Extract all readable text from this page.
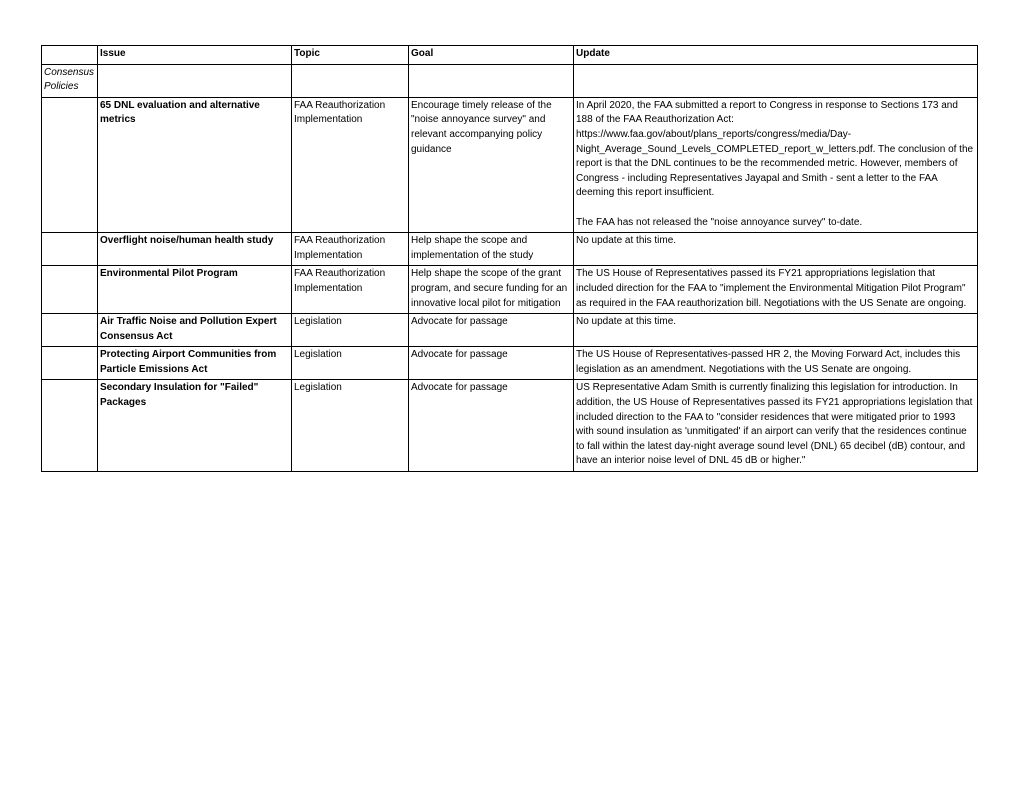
	Issue	Topic	Goal	Update
Consensus Policies				
	65 DNL evaluation and alternative metrics	FAA Reauthorization Implementation	Encourage timely release of the "noise annoyance survey" and relevant accompanying policy guidance	In April 2020, the FAA submitted a report to Congress in response to Sections 173 and 188 of the FAA Reauthorization Act: https://www.faa.gov/about/plans_reports/congress/media/Day-Night_Average_Sound_Levels_COMPLETED_report_w_letters.pdf. The conclusion of the report is that the DNL continues to be the recommended metric. However, members of Congress - including Representatives Jayapal and Smith - sent a letter to the FAA deeming this report insufficient.
The FAA has not released the "noise annoyance survey" to-date.

	Overflight noise/human health study	FAA Reauthorization Implementation	Help shape the scope and implementation of the study	No update at this time.

	Environmental Pilot Program	FAA Reauthorization Implementation	Help shape the scope of the grant program, and secure funding for an innovative local pilot for mitigation	The US House of Representatives passed its FY21 appropriations legislation that included direction for the FAA to "implement the Environmental Mitigation Pilot Program" as required in the FAA reauthorization bill. Negotiations with the US Senate are ongoing.

	Air Traffic Noise and Pollution Expert Consensus Act	Legislation	Advocate for passage	No update at this time.

	Protecting Airport Communities from Particle Emissions Act	Legislation	Advocate for passage	The US House of Representatives-passed HR 2, the Moving Forward Act, includes this legislation as an amendment. Negotiations with the US Senate are ongoing.

	Secondary Insulation for "Failed" Packages	Legislation	Advocate for passage	US Representative Adam Smith is currently finalizing this legislation for introduction. In addition, the US House of Representatives passed its FY21 appropriations legislation that included direction to the FAA to "consider residences that were mitigated prior to 1993 with sound insulation as 'unmitigated' if an airport can verify that the residences continue to fall within the latest day-night average sound level (DNL) 65 decibel (dB) contour, and have an interior noise level of DNL 45 dB or higher."
